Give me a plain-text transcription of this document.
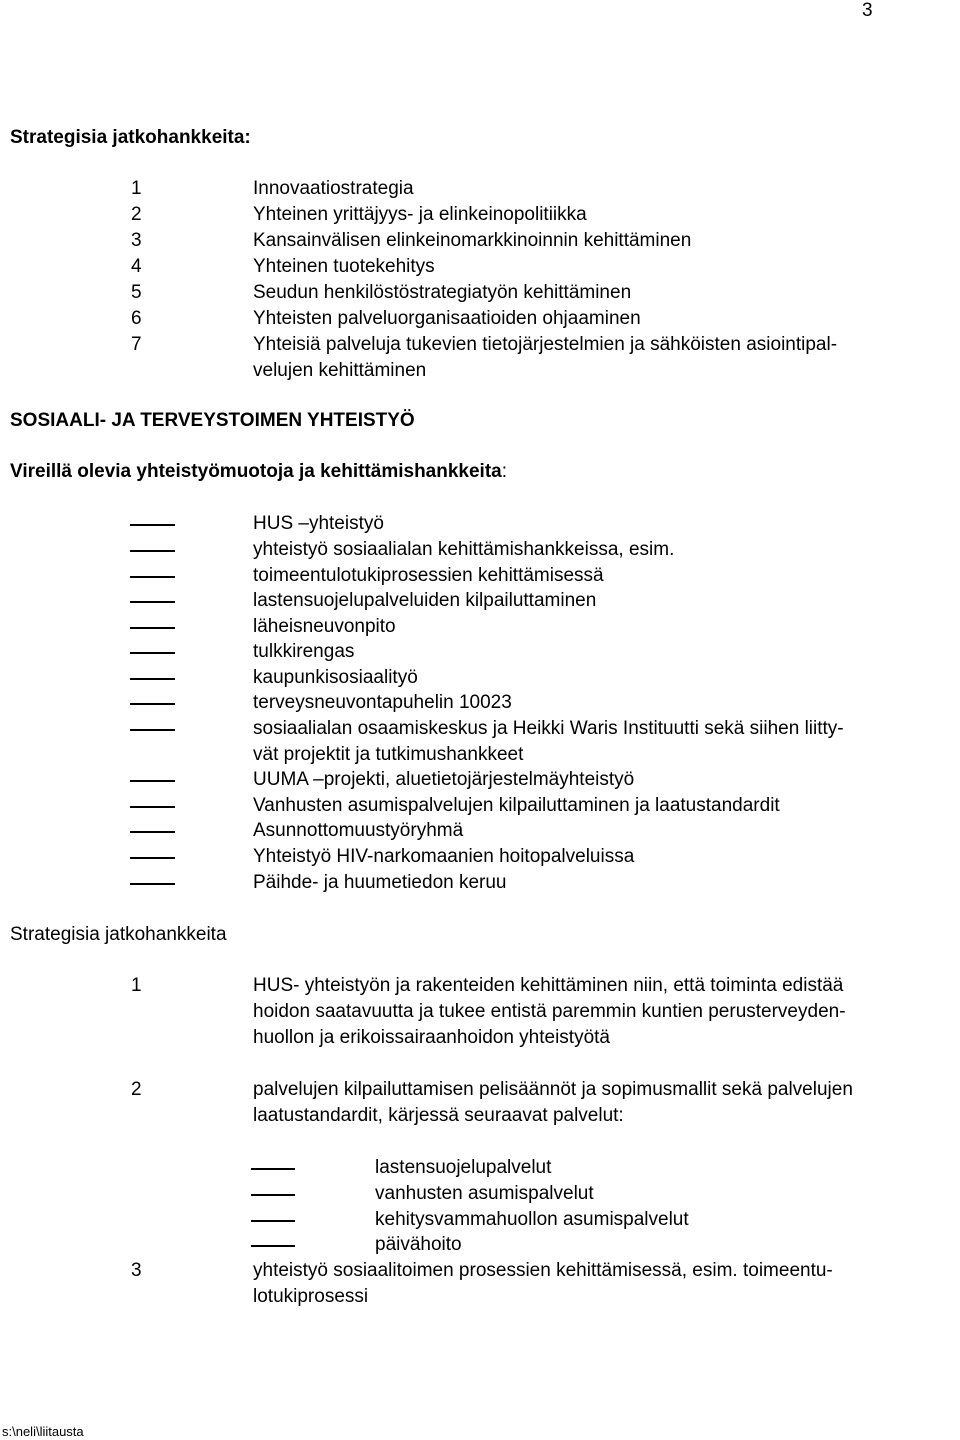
3
Strategisia jatkohankkeita:
1	Innovaatiostrategia
2	Yhteinen yrittäjyys- ja elinkeinopolitiikka
3	Kansainvälisen elinkeinomarkkinoinnin kehittäminen
4	Yhteinen tuotekehitys
5	Seudun henkilöstöstrategiatyön kehittäminen
6	Yhteisten palveluorganisaatioiden ohjaaminen
7	Yhteisiä palveluja tukevien tietojärjestelmien ja sähköisten asiointipal-
velujen kehittäminen
SOSIAALI- JA TERVEYSTOIMEN YHTEISTYÖ
Vireillä olevia yhteistyömuotoja ja kehittämishankkeita:
HUS –yhteistyö
yhteistyö sosiaalialan kehittämishankkeissa, esim.
toimeentulotukiprosessien kehittämisessä
lastensuojelupalveluiden kilpailuttaminen
läheisneuvonpito
tulkkirengas
kaupunkisosiaalityö
terveysneuvontapuhelin 10023
sosiaalialan osaamiskeskus ja Heikki Waris Instituutti sekä siihen liitty-
vät projektit ja tutkimushankkeet
UUMA –projekti, aluetietojärjestelmäyhteistyö
Vanhusten asumispalvelujen kilpailuttaminen ja laatustandardit
Asunnottomuustyöryhmä
Yhteistyö HIV-narkomaanien hoitopalveluissa
Päihde- ja huumetiedon keruu
Strategisia jatkohankkeita
1	HUS- yhteistyön ja rakenteiden kehittäminen niin, että toiminta edistää
hoidon saatavuutta ja tukee entistä paremmin kuntien perusterveyden-
huollon ja erikoissairaanhoidon yhteistyötä
2	palvelujen kilpailuttamisen pelisäännöt ja sopimusmallit sekä palvelujen
laatustandardit, kärjessä seuraavat palvelut:
lastensuojelupalvelut
vanhusten asumispalvelut
kehitysvammahuollon asumispalvelut
päivähoito
3	yhteistyö sosiaalitoimen prosessien kehittämisessä, esim. toimeentu-
lotukiprosessi
s:\neli\liitausta
